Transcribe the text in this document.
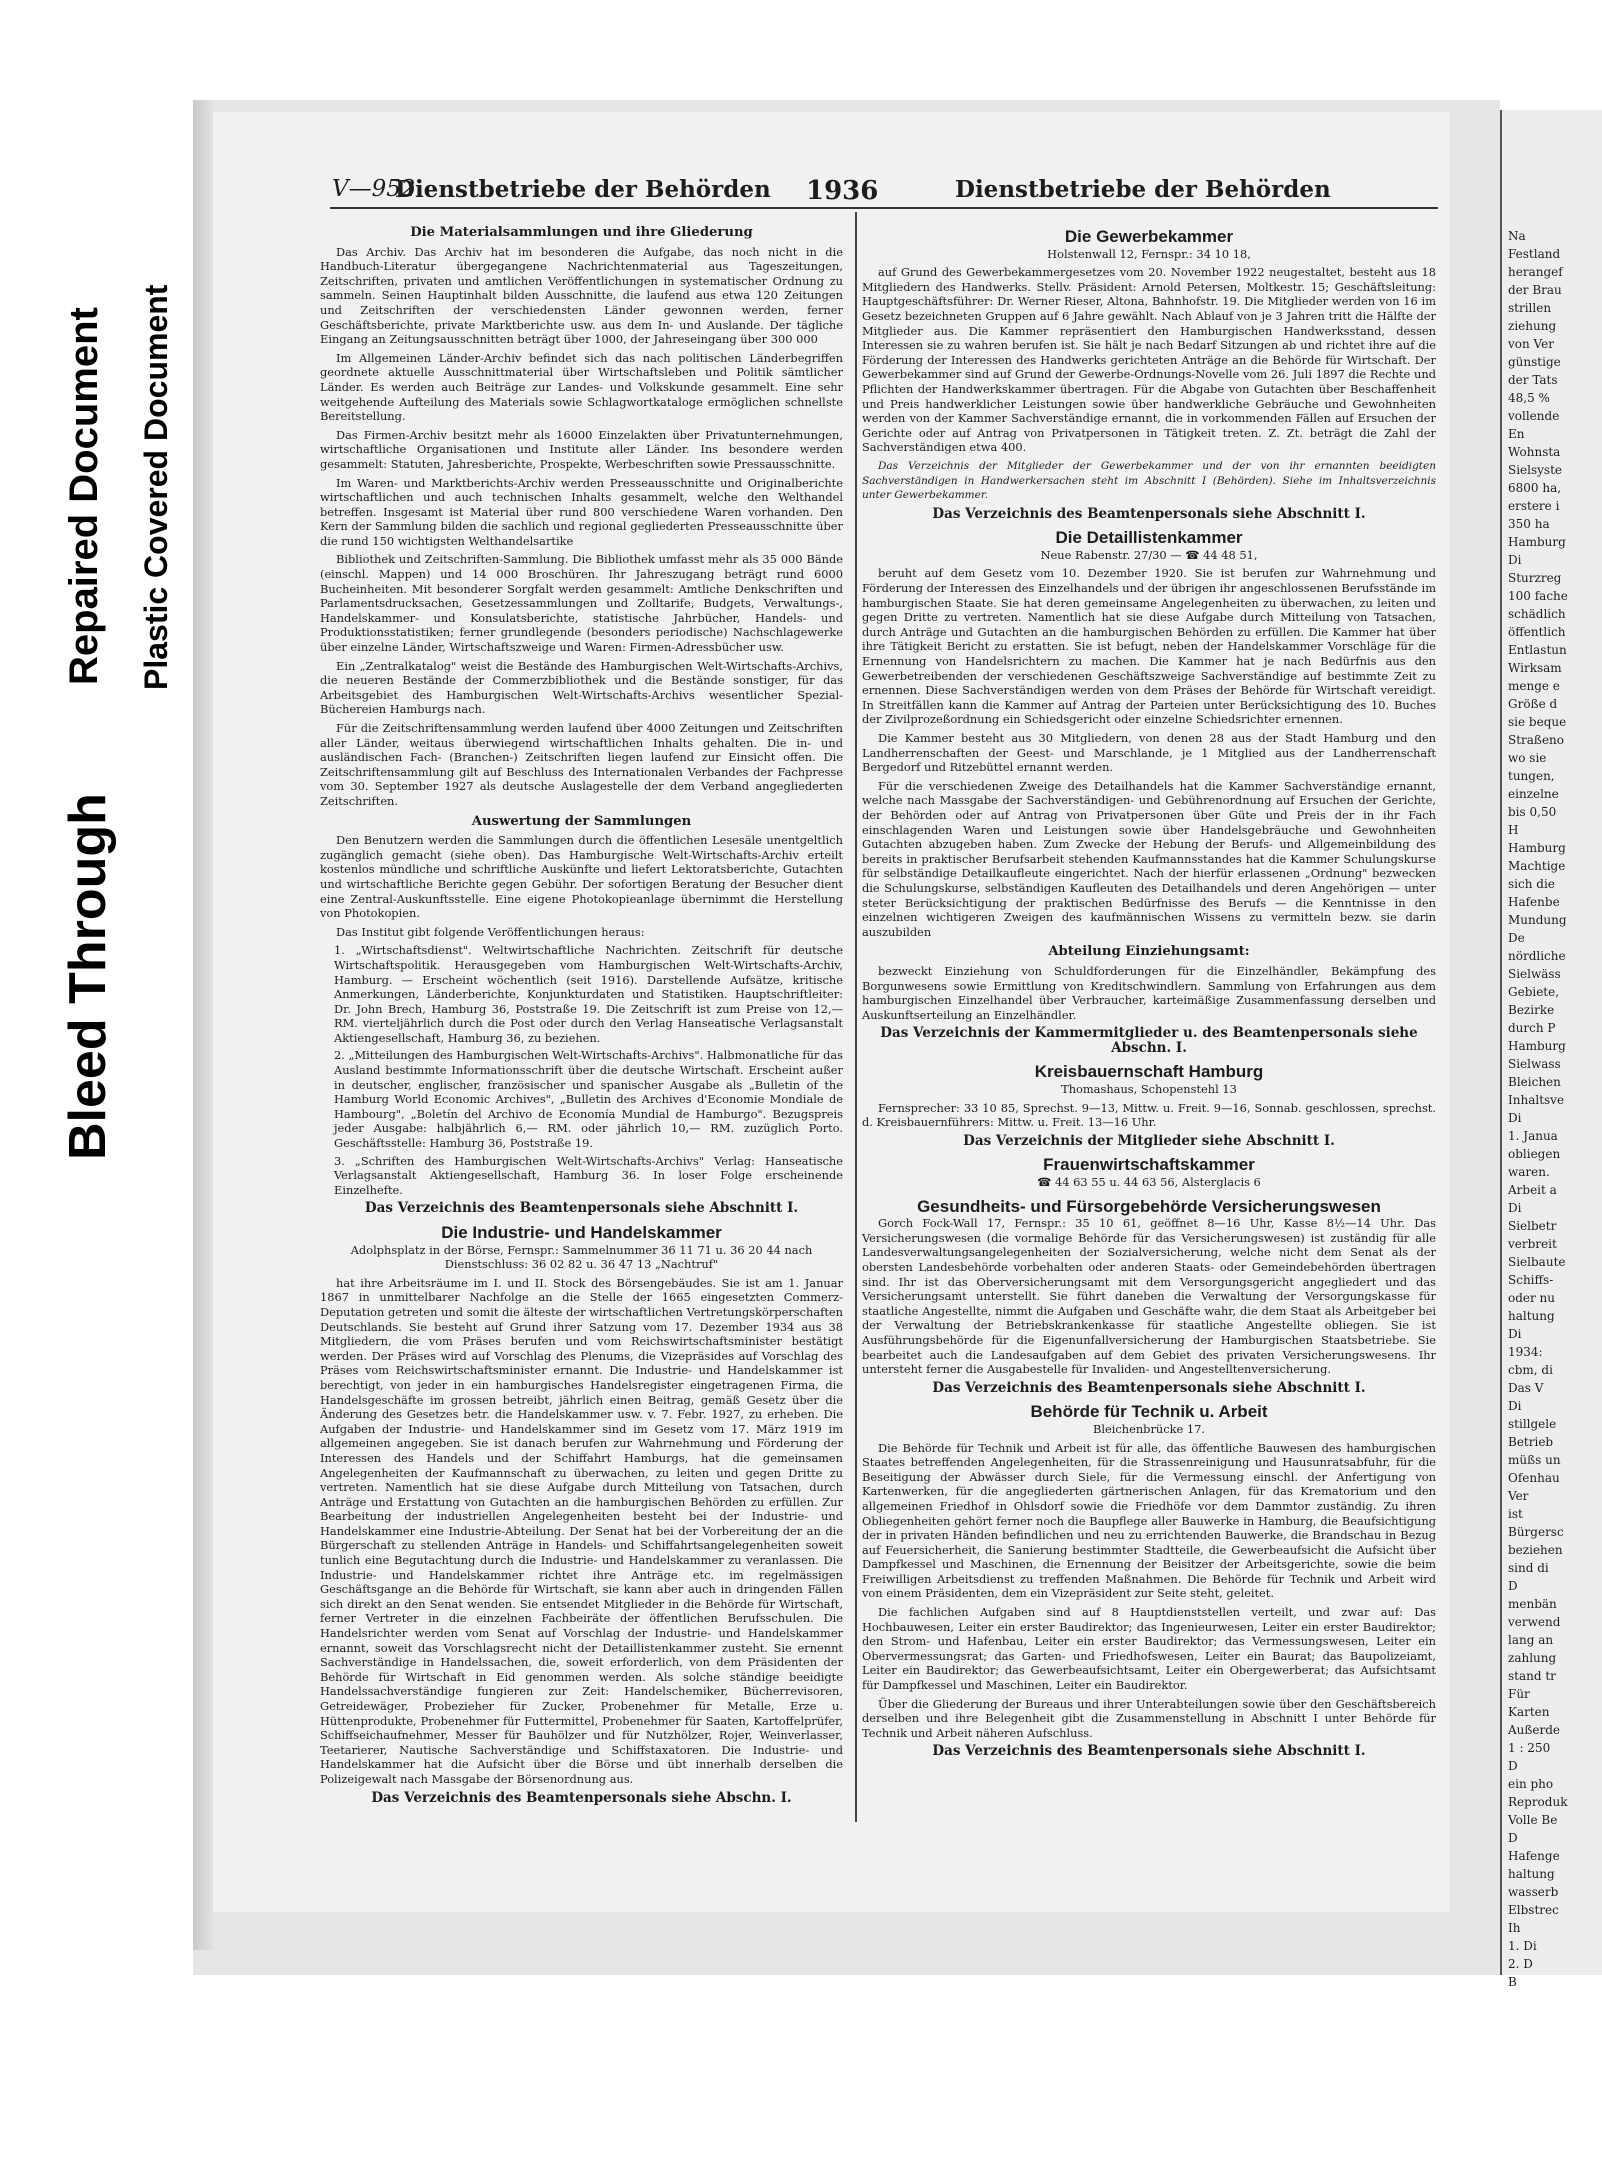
Bleed Through
Repaired Document Plastic Covered Document
V—952
Dienstbetriebe der Behörden 1936	Dienstbetriebe der Behörden
Die Materialsammlungen und ihre Gliederung

Das Archiv. Das Archiv hat im besonderen die Aufgabe, das noch nicht in die Handbuch-Literatur übergegangene Nachrichtenmaterial aus Tageszeitungen, Zeitschriften, privaten und amtlichen Veröffentlichungen in systematischer Ordnung zu sammeln. Seinen Hauptinhalt bilden Ausschnitte, die laufend aus etwa 120 Zeitungen und Zeitschriften der verschiedensten Länder gewonnen werden, ferner Geschäftsberichte, private Marktberichte usw. aus dem In- und Auslande. Der tägliche Eingang an Zeitungsausschnitten beträgt über 1000, der Jahreseingang über 300 000

Im Allgemeinen Länder-Archiv befindet sich das nach politischen Länderbegriffen geordnete aktuelle Ausschnittmaterial über Wirtschaftsleben und Politik sämtlicher Länder. Es werden auch Beiträge zur Landes- und Volkskunde gesammelt. Eine sehr weitgehende Aufteilung des Materials sowie Schlagwortkataloge ermöglichen schnellste Bereitstellung.

Das Firmen-Archiv besitzt mehr als 16000 Einzelakten über Privatunternehmungen, wirtschaftliche Organisationen und Institute aller Länder. Ins besondere werden gesammelt: Statuten, Jahresberichte, Prospekte, Werbeschriften sowie Pressausschnitte.

Im Waren- und Marktberichts-Archiv werden Presseausschnitte und Originalberichte wirtschaftlichen und auch technischen Inhalts gesammelt, welche den Welthandel betreffen. Insgesamt ist Material über rund 800 verschiedene Waren vorhanden. Den Kern der Sammlung bilden die sachlich und regional gegliederten Presseausschnitte über die rund 150 wichtigsten Welthandelsartike

Bibliothek und Zeitschriften-Sammlung. Die Bibliothek umfasst mehr als 35 000 Bände (einschl. Mappen) und 14 000 Broschüren. Ihr Jahreszugang beträgt rund 6000 Bucheinheiten. Mit besonderer Sorgfalt werden gesammelt: Amtliche Denkschriften und Parlamentsdrucksachen, Gesetzessammlungen und Zolltarife, Budgets, Verwaltungs-, Handelskammer- und Konsulatsberichte, statistische Jahrbücher, Handels- und Produktionsstatistiken; ferner grundlegende (besonders periodische) Nachschlagewerke über einzelne Länder, Wirtschaftszweige und Waren: Firmen-Adressbücher usw.

Ein „Zentralkatalog" weist die Bestände des Hamburgischen Welt-Wirtschafts-Archivs, die neueren Bestände der Commerzbibliothek und die Bestände sonstiger, für das Arbeitsgebiet des Hamburgischen Welt-Wirtschafts-Archivs wesentlicher Spezial-Büchereien Hamburgs nach.

Für die Zeitschriftensammlung werden laufend über 4000 Zeitungen und Zeitschriften aller Länder, weitaus überwiegend wirtschaftlichen Inhalts gehalten. Die in- und ausländischen Fach- (Branchen-) Zeitschriften liegen laufend zur Einsicht offen. Die Zeitschriftensammlung gilt auf Beschluss des Internationalen Verbandes der Fachpresse vom 30. September 1927 als deutsche Auslagestelle der dem Verband angegliederten Zeitschriften.

Auswertung der Sammlungen

Den Benutzern werden die Sammlungen durch die öffentlichen Lesesäle unentgeltlich zugänglich gemacht (siehe oben). Das Hamburgische Welt-Wirtschafts-Archiv erteilt kostenlos mündliche und schriftliche Auskünfte und liefert Lektoratsberichte, Gutachten und wirtschaftliche Berichte gegen Gebühr. Der sofortigen Beratung der Besucher dient eine Zentral-Auskunftsstelle. Eine eigene Photokopieanlage übernimmt die Herstellung von Photokopien.

Das Institut gibt folgende Veröffentlichungen heraus:

1. „Wirtschaftsdienst". Weltwirtschaftliche Nachrichten. Zeitschrift für deutsche Wirtschaftspolitik. Herausgegeben vom Hamburgischen Welt-Wirtschafts-Archiv, Hamburg. — Erscheint wöchentlich (seit 1916). Darstellende Aufsätze, kritische Anmerkungen, Länderberichte, Konjunkturdaten und Statistiken. Hauptschriftleiter: Dr. John Brech, Hamburg 36, Poststraße 19. Die Zeitschrift ist zum Preise von 12,— RM. vierteljährlich durch die Post oder durch den Verlag Hanseatische Verlagsanstalt Aktiengesellschaft, Hamburg 36, zu beziehen.

2. „Mitteilungen des Hamburgischen Welt-Wirtschafts-Archivs". Halbmonatliche für das Ausland bestimmte Informationsschrift über die deutsche Wirtschaft. Erscheint außer in deutscher, englischer, französischer und spanischer Ausgabe als „Bulletin of the Hamburg World Economic Archives", „Bulletin des Archives d'Economie Mondiale de Hambourg", „Boletín del Archivo de Economía Mundial de Hamburgo". Bezugspreis jeder Ausgabe: halbjährlich 6,— RM. oder jährlich 10,— RM. zuzüglich Porto. Geschäftsstelle: Hamburg 36, Poststraße 19.

3. „Schriften des Hamburgischen Welt-Wirtschafts-Archivs" Verlag: Hanseatische Verlagsanstalt Aktiengesellschaft, Hamburg 36. In loser Folge erscheinende Einzelhefte.

Das Verzeichnis des Beamtenpersonals siehe Abschnitt I.
Die Industrie- und Handelskammer
Adolphsplatz in der Börse, Fernspr.: Sammelnummer 36 11 71 u. 36 20 44 nach Dienstschluss: 36 02 82 u. 36 47 13 „Nachtruf"

hat ihre Arbeitsräume im I. und II. Stock des Börsengebäudes. Sie ist am 1. Januar 1867 in unmittelbarer Nachfolge an die Stelle der 1665 eingesetzten Commerz-Deputation getreten und somit die älteste der wirtschaftlichen Vertretungskörperschaften Deutschlands. Sie besteht auf Grund ihrer Satzung vom 17. Dezember 1934 aus 38 Mitgliedern, die vom Präses berufen und vom Reichswirtschaftsminister bestätigt werden. Der Präses wird auf Vorschlag des Plenums, die Vizepräsides auf Vorschlag des Präses vom Reichswirtschaftsminister ernannt. Die Industrie- und Handelskammer ist berechtigt, von jeder in ein hamburgisches Handelsregister eingetragenen Firma, die Handelsgeschäfte im grossen betreibt, jährlich einen Beitrag, gemäß Gesetz über die Änderung des Gesetzes betr. die Handelskammer usw. v. 7. Febr. 1927, zu erheben. Die Aufgaben der Industrie- und Handelskammer sind im Gesetz vom 17. März 1919 im allgemeinen angegeben. Sie ist danach berufen zur Wahrnehmung und Förderung der Interessen des Handels und der Schiffahrt Hamburgs, hat die gemeinsamen Angelegenheiten der Kaufmannschaft zu überwachen, zu leiten und gegen Dritte zu vertreten. Namentlich hat sie diese Aufgabe durch Mitteilung von Tatsachen, durch Anträge und Erstattung von Gutachten an die hamburgischen Behörden zu erfüllen. Zur Bearbeitung der industriellen Angelegenheiten besteht bei der Industrie- und Handelskammer eine Industrie-Abteilung. Der Senat hat bei der Vorbereitung der an die Bürgerschaft zu stellenden Anträge in Handels- und Schiffahrtsangelegenheiten soweit tunlich eine Begutachtung durch die Industrie- und Handelskammer zu veranlassen. Die Industrie- und Handelskammer richtet ihre Anträge etc. im regelmässigen Geschäftsgange an die Behörde für Wirtschaft, sie kann aber auch in dringenden Fällen sich direkt an den Senat wenden. Sie entsendet Mitglieder in die Behörde für Wirtschaft, ferner Vertreter in die einzelnen Fachbeiräte der öffentlichen Berufsschulen. Die Handelsrichter werden vom Senat auf Vorschlag der Industrie- und Handelskammer ernannt, soweit das Vorschlagsrecht nicht der Detaillistenkammer zusteht. Sie ernennt Sachverständige in Handelssachen, die, soweit erforderlich, von dem Präsidenten der Behörde für Wirtschaft in Eid genommen werden. Als solche ständige beeidigte Handelssachverständige fungieren zur Zeit: Handelschemiker, Bücherrevisoren, Getreidewäger, Probezieher für Zucker, Probenehmer für Metalle, Erze u. Hüttenprodukte, Probenehmer für Futtermittel, Probenehmer für Saaten, Kartoffelprüfer, Schiffseichaufnehmer, Messer für Bauhölzer und für Nutzhölzer, Rojer, Weinverlasser, Teetarierer, Nautische Sachverständige und Schiffstaxatoren. Die Industrie- und Handelskammer hat die Aufsicht über die Börse und übt innerhalb derselben die Polizeigewalt nach Massgabe der Börsenordnung aus.

Das Verzeichnis des Beamtenpersonals siehe Abschn. I.
Die Gewerbekammer
Holstenwall 12, Fernspr.: 34 10 18,

auf Grund des Gewerbekammergesetzes vom 20. November 1922 neugestaltet, besteht aus 18 Mitgliedern des Handwerks. Stellv. Präsident: Arnold Petersen, Moltkestr. 15; Geschäftsleitung: Hauptgeschäftsführer: Dr. Werner Rieser, Altona, Bahnhofstr. 19. Die Mitglieder werden von 16 im Gesetz bezeichneten Gruppen auf 6 Jahre gewählt. Nach Ablauf von je 3 Jahren tritt die Hälfte der Mitglieder aus. Die Kammer repräsentiert den Hamburgischen Handwerksstand, dessen Interessen sie zu wahren berufen ist. Sie hält je nach Bedarf Sitzungen ab und richtet ihre auf die Förderung der Interessen des Handwerks gerichteten Anträge an die Behörde für Wirtschaft. Der Gewerbekammer sind auf Grund der Gewerbe-Ordnungs-Novelle vom 26. Juli 1897 die Rechte und Pflichten der Handwerkskammer übertragen. Für die Abgabe von Gutachten über Beschaffenheit und Preis handwerklicher Leistungen sowie über handwerkliche Gebräuche und Gewohnheiten werden von der Kammer Sachverständige ernannt, die in vorkommenden Fällen auf Ersuchen der Gerichte oder auf Antrag von Privatpersonen in Tätigkeit treten. Z. Zt. beträgt die Zahl der Sachverständigen etwa 400.

Das Verzeichnis der Mitglieder der Gewerbekammer und der von ihr ernannten beeidigten Sachverständigen in Handwerkersachen steht im Abschnitt I (Behörden). Siehe im Inhaltsverzeichnis unter Gewerbekammer.

Das Verzeichnis des Beamtenpersonals siehe Abschnitt I.
Die Detaillistenkammer
Neue Rabenstr. 27/30 — ☎ 44 48 51,

beruht auf dem Gesetz vom 10. Dezember 1920. Sie ist berufen zur Wahrnehmung und Förderung der Interessen des Einzelhandels und der übrigen ihr angeschlossenen Berufsstände im hamburgischen Staate. Sie hat deren gemeinsame Angelegenheiten zu überwachen, zu leiten und gegen Dritte zu vertreten. Namentlich hat sie diese Aufgabe durch Mitteilung von Tatsachen, durch Anträge und Gutachten an die hamburgischen Behörden zu erfüllen. Die Kammer hat über ihre Tätigkeit Bericht zu erstatten. Sie ist befugt, neben der Handelskammer Vorschläge für die Ernennung von Handelsrichtern zu machen. Die Kammer hat je nach Bedürfnis aus den Gewerbetreibenden der verschiedenen Geschäftszweige Sachverständige auf bestimmte Zeit zu ernennen. Diese Sachverständigen werden von dem Präses der Behörde für Wirtschaft vereidigt. In Streitfällen kann die Kammer auf Antrag der Parteien unter Berücksichtigung des 10. Buches der Zivilprozeßordnung ein Schiedsgericht oder einzelne Schiedsrichter ernennen.

Die Kammer besteht aus 30 Mitgliedern, von denen 28 aus der Stadt Hamburg und den Landherrenschaften der Geest- und Marschlande, je 1 Mitglied aus der Landherrenschaft Bergedorf und Ritzebüttel ernannt werden.

Für die verschiedenen Zweige des Detailhandels hat die Kammer Sachverständige ernannt, welche nach Massgabe der Sachverständigen- und Gebührenordnung auf Ersuchen der Gerichte, der Behörden oder auf Antrag von Privatpersonen über Güte und Preis der in ihr Fach einschlagenden Waren und Leistungen sowie über Handelsgebräuche und Gewohnheiten Gutachten abzugeben haben. Zum Zwecke der Hebung der Berufs- und Allgemeinbildung des bereits in praktischer Berufsarbeit stehenden Kaufmannsstandes hat die Kammer Schulungskurse für selbständige Detailkaufleute eingerichtet. Nach der hierfür erlassenen „Ordnung" bezwecken die Schulungskurse, selbständigen Kaufleuten des Detailhandels und deren Angehörigen — unter steter Berücksichtigung der praktischen Bedürfnisse des Berufs — die Kenntnisse in den einzelnen wichtigeren Zweigen des kaufmännischen Wissens zu vermitteln bezw. sie darin auszubilden

Abteilung Einziehungsamt:

bezweckt Einziehung von Schuldforderungen für die Einzelhändler, Bekämpfung des Borgunwesens sowie Ermittlung von Kreditschwindlern. Sammlung von Erfahrungen aus dem hamburgischen Einzelhandel über Verbraucher, karteimäßige Zusammenfassung derselben und Auskunftserteilung an Einzelhändler.

Das Verzeichnis der Kammermitglieder u. des Beamtenpersonals siehe Abschn. I.
Kreisbauernschaft Hamburg
Thomashaus, Schopenstehl 13

Fernsprecher: 33 10 85, Sprechst. 9—13, Mittw. u. Freit. 9—16, Sonnab. geschlossen, sprechst. d. Kreisbauernführers: Mittw. u. Freit. 13—16 Uhr.

Das Verzeichnis der Mitglieder siehe Abschnitt I.
Frauenwirtschaftskammer
☎ 44 63 55 u. 44 63 56, Alsterglacis 6
Gesundheits- und Fürsorgebehörde Versicherungswesen

Gorch Fock-Wall 17, Fernspr.: 35 10 61, geöffnet 8—16 Uhr, Kasse 8½—14 Uhr. Das Versicherungswesen (die vormalige Behörde für das Versicherungswesen) ist zuständig für alle Landesverwaltungsangelegenheiten der Sozialversicherung, welche nicht dem Senat als der obersten Landesbehörde vorbehalten oder anderen Staats- oder Gemeindebehörden übertragen sind. Ihr ist das Oberversicherungsamt mit dem Versorgungsgericht angegliedert und das Versicherungsamt unterstellt. Sie führt daneben die Verwaltung der Versorgungskasse für staatliche Angestellte, nimmt die Aufgaben und Geschäfte wahr, die dem Staat als Arbeitgeber bei der Verwaltung der Betriebskrankenkasse für staatliche Angestellte obliegen. Sie ist Ausführungsbehörde für die Eigenunfallversicherung der Hamburgischen Staatsbetriebe. Sie bearbeitet auch die Landesaufgaben auf dem Gebiet des privaten Versicherungswesens. Ihr untersteht ferner die Ausgabestelle für Invaliden- und Angestelltenversicherung.

Das Verzeichnis des Beamtenpersonals siehe Abschnitt I.
Behörde für Technik u. Arbeit
Bleichenbrücke 17.

Die Behörde für Technik und Arbeit ist für alle, das öffentliche Bauwesen des hamburgischen Staates betreffenden Angelegenheiten, für die Strassenreinigung und Hausunratsabfuhr, für die Beseitigung der Abwässer durch Siele, für die Vermessung einschl. der Anfertigung von Kartenwerken, für die angegliederten gärtnerischen Anlagen, für das Krematorium und den allgemeinen Friedhof in Ohlsdorf sowie die Friedhöfe vor dem Dammtor zuständig. Zu ihren Obliegenheiten gehört ferner noch die Baupflege aller Bauwerke in Hamburg, die Beaufsichtigung der in privaten Händen befindlichen und neu zu errichtenden Bauwerke, die Brandschau in Bezug auf Feuersicherheit, die Sanierung bestimmter Stadtteile, die Gewerbeaufsicht die Aufsicht über Dampfkessel und Maschinen, die Ernennung der Beisitzer der Arbeitsgerichte, sowie die beim Freiwilligen Arbeitsdienst zu treffenden Maßnahmen. Die Behörde für Technik und Arbeit wird von einem Präsidenten, dem ein Vizepräsident zur Seite steht, geleitet.

Die fachlichen Aufgaben sind auf 8 Hauptdienststellen verteilt, und zwar auf: Das Hochbauwesen, Leiter ein erster Baudirektor; das Ingenieurwesen, Leiter ein erster Baudirektor; den Strom- und Hafenbau, Leiter ein erster Baudirektor; das Vermessungswesen, Leiter ein Obervermessungsrat; das Garten- und Friedhofswesen, Leiter ein Baurat; das Baupolizeiamt, Leiter ein Baudirektor; das Gewerbeaufsichtsamt, Leiter ein Obergewerberat; das Aufsichtsamt für Dampfkessel und Maschinen, Leiter ein Baudirektor.

Über die Gliederung der Bureaus und ihrer Unterabteilungen sowie über den Geschäftsbereich derselben und ihre Belegenheit gibt die Zusammenstellung in Abschnitt I unter Behörde für Technik und Arbeit näheren Aufschluss.

Das Verzeichnis des Beamtenpersonals siehe Abschnitt I.
Na
Festland
herangef
der Brau
strillen
ziehung
von Ver
günstige
der Tats
48,5 %
vollende
En
Wohnsta
Sielsyste
6800 ha,
erstere i
350 ha
Hamburg
Di
Sturzreg
100 fache
schädlich
öffentlich
Entlastun
Wirksam
menge e
Größe d
sie beque
Straßeno
wo sie
tungen,
einzelne
bis 0,50
H
Hamburg
Machtige
sich die
Hafenbe
Mundung
De
nördliche
Sielwäss
Gebiete,
Bezirke
durch P
Hamburg
Sielwass
Bleichen
Inhaltsve
Di
1. Janua
obliegen
waren.
Arbeit a
Di
Sielbetr
verbreit
Sielbaute
Schiffs-
oder nu
haltung
Di
1934:
cbm, di
Das V
Di
stillgele
Betrieb
müßs un
Ofenhau
Ver
ist
Bürgersc
beziehen
sind di
D
menbän
verwend
lang an
zahlung
stand tr
Für
Karten
Außerde
1 : 250
D
ein pho
Reproduk
Volle Be
D
Hafenge
haltung
wasserb
Elbstrec
Ih
1. Di
2. D
B
